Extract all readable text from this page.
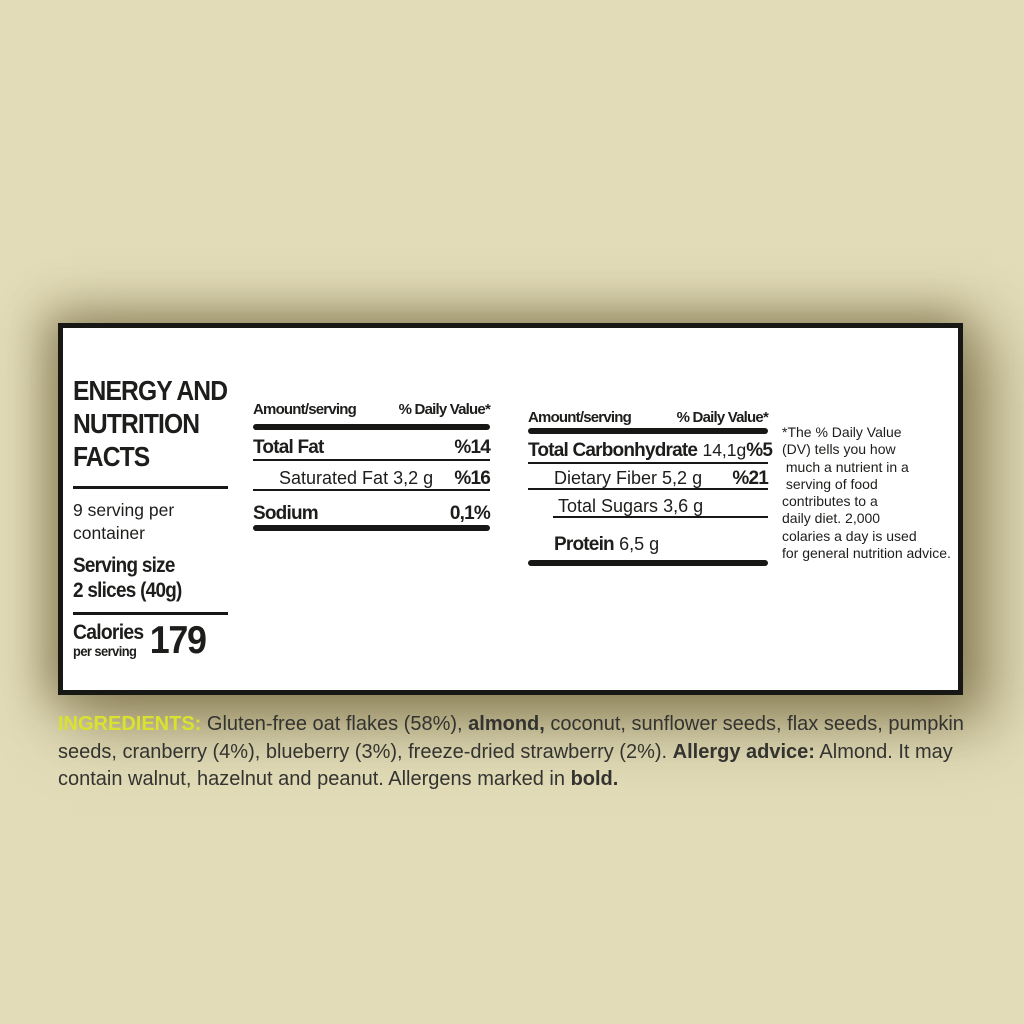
ENERGY AND
NUTRITION
FACTS
9 serving per
container
Serving size
2 slices (40g)
Calories
per serving 179
Amount/serving	% Daily Value*
Total Fat	%14
Saturated Fat 3,2 g %16
Sodium	0,1%
Amount/serving	% Daily Value*
Total Carbonhydrate 14,1g %5
Dietary Fiber 5,2 g %21
Total Sugars 3,6 g
Protein 6,5 g
*The % Daily Value
(DV) tells you how
much a nutrient in a
serving of food
contributes to a
daily diet. 2,000
colaries a day is used
for general nutrition advice.

INGREDIENTS: Gluten-free oat flakes (58%), almond, coconut, sunflower seeds, flax seeds, pumpkin seeds, cranberry (4%), blueberry (3%), freeze-dried strawberry (2%). Allergy advice: Almond. It may contain walnut, hazelnut and peanut. Allergens marked in bold.
